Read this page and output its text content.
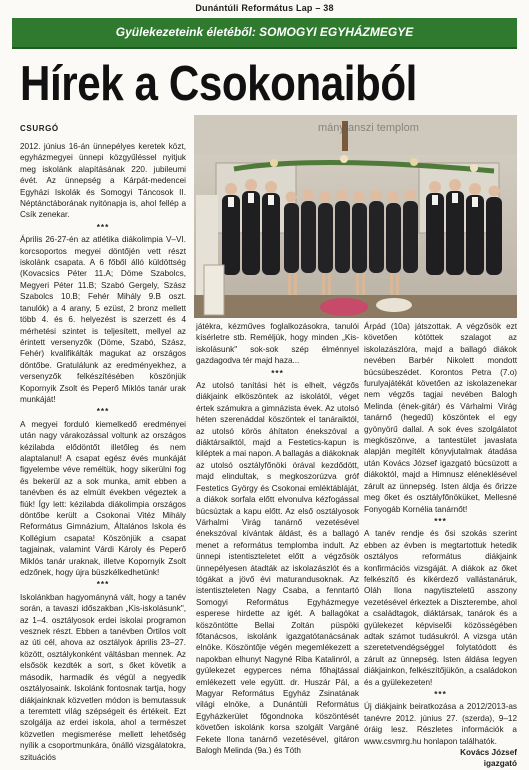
Dunántúli Református Lap – 38
Gyülekezeteink életéből: SOMOGYI EGYHÁZMEGYE
Hírek a Csokonaiból
CSURGÓ	mánytanszi templom

2012. június 16-án ünnepélyes keretek közt, egyházmegyei ünnepi közgyűléssel nyitjuk meg iskolánk alapításának 220. jubileumi évét. Az ünnepség a Kárpát-medencei Egyházi Iskolák és Somogyi Táncosok II. Néptánctáborának nyitónapja is, ahol fellép a Csík zenekar.

***

Április 26-27-én az atlétika diákolimpia V–VI. korcsoportos megyei döntőjén vett részt iskolánk csapata. A 6 főből álló küldöttség (Kovacsics Péter 11.A; Döme Szabolcs, Megyeri Péter 11.B; Szabó Gergely, Szász Szabolcs 10.B; Fehér Mihály 9.B oszt. tanulók) a 4 arany, 5 ezüst, 2 bronz mellett több 4. és 6. helyezést is szerzett és 4 mérhetési szintet is teljesített, mellyel az érintett versenyzők (Döme, Szabó, Szász, Fehér) kvalifikálták magukat az országos döntőbe. Gratulálunk az eredményekhez, a versenyzők felkészítésében köszönjük Kopornyik Zsolt és Peperő Miklós tanár urak munkáját!

***

A megyei forduló kiemelkedő eredményei után nagy várakozással voltunk az országos kézilabda elődöntőt illetőleg és nem alaptalanul! A csapat egész évés munkáját figyelembe véve reméltük, hogy sikerülni fog és bekerül az a sok munka, amit ebben a tanévben és az elmúlt években végeztek a fiúk! Így lett: kézilabda diákolimpia országos döntőbe került a Csokonai Vitéz Mihály Református Gimnázium, Általános Iskola és Kollégium csapata! Köszönjük a csapat tagjainak, valamint Várdi Károly és Peperő Miklós tanár uraknak, illetve Kopornyik Zsolt edzőnek, hogy újra büszkélkedhetünk!

***

Iskolánkban hagyományná vált, hogy a tanév során, a tavaszi időszakban „Kis-iskolásunk", az 1–4. osztályosok erdei iskolai programon vesznek részt. Ebben a tanévben Örtilos volt az úti cél, ahova az osztályok április 23–27. között, osztálykonként váltásban mennek. Az elsősök kezdték a sort, s őket követik a második, harmadik és végül a negyedik osztályosaink. Iskolánk fontosnak tartja, hogy diákjainknak közvetlen módon is bemutassuk a teremtett világ szépségeit és értékeit. Ezt szolgálja az erdei iskola, ahol a természet közvetlen megismerése mellett lehetőség nyílik a csoportmunkára, önálló vizsgálatokra, szituációs

játékra, kézműves foglalkozásokra, tanulói kísérletre stb. Reméljük, hogy minden „Kis-iskolásunk" sok-sok szép élménnyel gazdagodva tér majd haza...

***

Az utolsó tanítási hét is elhelt, végzős diákjaink elköszöntek az iskolától, véget értek számukra a gimnázista évek. Az utolsó héten szerenáddal köszöntek el tanáraiktól, az utolsó körös áhítaton énekszóval a diáktársaiktól, majd a Festetics-kapun is kiléptek a mai napon. A ballagás a diákoknak az utolsó osztályfőnöki órával kezdődött, majd elindultak, s megkoszorúzva gróf Festetics György és Csokonai emléktábláját, a diákok sorfala előtt elvonulva kézfogással búcsúztak a kapu előtt. Az első osztályosok Várhalmi Virág tanárnő vezetésével énekszóval kívántak áldást, és a ballagó menet a református templomba indult. Az ünnepi istentiszteletet előtt a végzősök ünnepélyesen átadták az iskolazászlót és a tógákat a jövő évi maturandusoknak. Az istentiszteleten Nagy Csaba, a fenntartó Somogyi Református Egyházmegye esperese hirdette az igét. A ballagókat köszöntötte Bellai Zoltán püspöki főtanácsos, iskolánk igazgatótanácsának elnöke. Köszöntője végén megemlékezett a napokban elhunyt Nagyné Riba Katalinról, a gyülekezet egyperces néma főhajtással emlékezett vele együtt. dr. Huszár Pál, a Magyar Református Egyház Zsinatának világi elnöke, a Dunántúli Református Egyházkerület főgondnoka köszöntését követően iskolánk korsa szolgált Vargáné Fekete Ilona tanárnő vezetésével, gitáron Balogh Melinda (9a.) és Tóth

Árpád (10a) játszottak. A végzősök ezt követően kötöttek szalagot az iskolazászlóra, majd a ballagó diákok nevében Barbér Nikolett mondott búcsúbeszédet. Korontos Petra (7.o) furulyajátékát követően az iskolazenekar nem végzős tagjai nevében Balogh Melinda (ének-gitár) és Várhalmi Virág tanárnő (hegedű) köszöntek el egy gyönyörű dallal. A sok éves szolgálatot megköszönve, a tantestület javaslata alapján megítélt könyvjutalmak átadása után Kovács József igazgató búcsúzott a diákoktól, majd a Himnusz eléneklésével zárult az ünnepség. Isten áldja és őrizze meg őket és osztályfőnöküket, Mellesné Fonyogáb Kornélia tanárnőt!

***

A tanév rendje és ősi szokás szerint ebben az évben is megtartottuk hetedik osztályos református diákjaink konfirmációs vizsgáját. A diákok az őket felkészítő és kikérdező vallástanáruk, Oláh Ilona nagytiszteletű asszony vezetésével érkeztek a Diszterembe, ahol a családtagok, diáktársak, tanárok és a gyülekezet képviselői közösségében adtak számot tudásukról. A vizsga után szeretetvendégséggel folytatódott és zárult az ünnepség. Isten áldása legyen diákjainkon, felkészítőjükön, a családokon és a gyülekezeten!

***

Új diákjaink beiratkozása a 2012/2013-as tanévre 2012. június 27. (szerda), 9–12 óráig lesz. Részletes információk a www.csvmrg.hu honlapon találhatók.

Kovács József

igazgató
